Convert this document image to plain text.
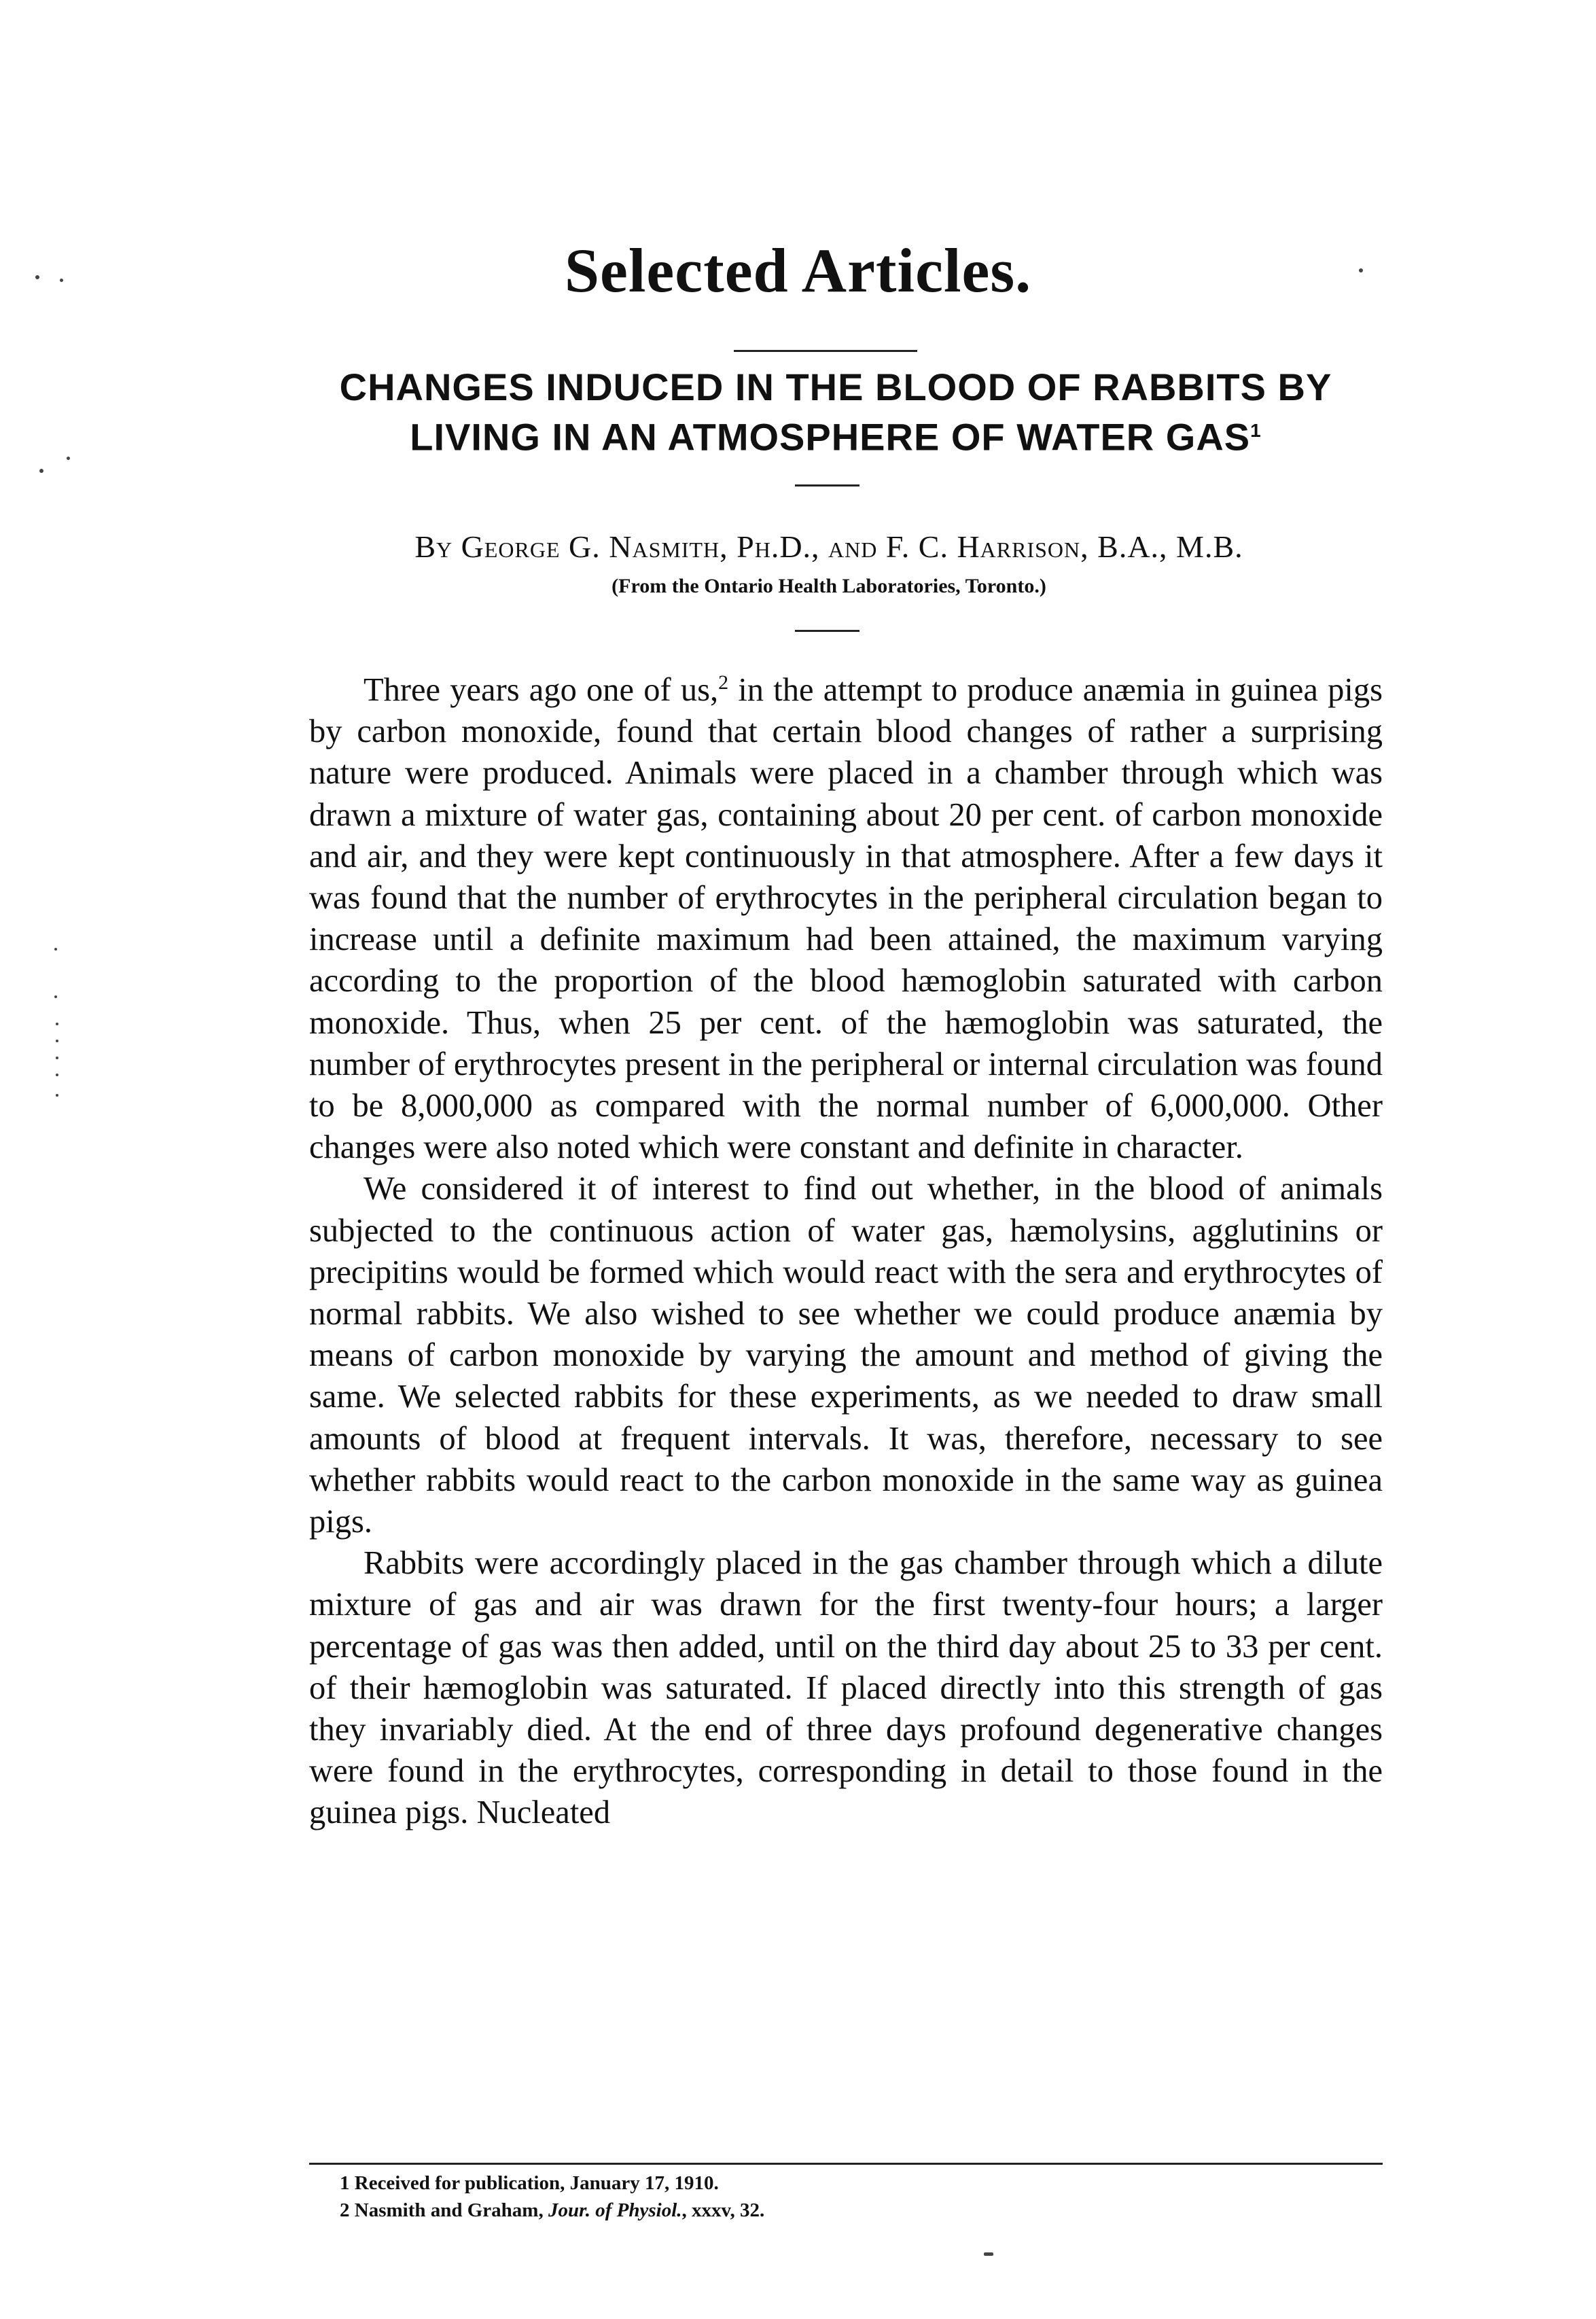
Selected Articles.
CHANGES INDUCED IN THE BLOOD OF RABBITS BY LIVING IN AN ATMOSPHERE OF WATER GAS$^1$
By George G. Nasmith, Ph.D., and F. C. Harrison, B.A., M.B.
(From the Ontario Health Laboratories, Toronto.)

Three years ago one of us,$^2$ in the attempt to produce anæmia in guinea pigs by carbon monoxide, found that certain blood changes of rather a surprising nature were produced. Animals were placed in a chamber through which was drawn a mixture of water gas, containing about 20 per cent. of carbon monoxide and air, and they were kept continuously in that atmosphere. After a few days it was found that the number of erythrocytes in the peripheral circulation began to increase until a definite maximum had been attained, the maximum varying according to the proportion of the blood hæmoglobin saturated with carbon monoxide. Thus, when 25 per cent. of the hæmoglobin was saturated, the number of erythrocytes present in the peripheral or internal circulation was found to be 8,000,000 as compared with the normal number of 6,000,000. Other changes were also noted which were constant and definite in character.

We considered it of interest to find out whether, in the blood of animals subjected to the continuous action of water gas, hæmolysins, agglutinins or precipitins would be formed which would react with the sera and erythrocytes of normal rabbits. We also wished to see whether we could produce anæmia by means of carbon monoxide by varying the amount and method of giving the same. We selected rabbits for these experiments, as we needed to draw small amounts of blood at frequent intervals. It was, therefore, necessary to see whether rabbits would react to the carbon monoxide in the same way as guinea pigs.

Rabbits were accordingly placed in the gas chamber through which a dilute mixture of gas and air was drawn for the first twenty-four hours; a larger percentage of gas was then added, until on the third day about 25 to 33 per cent. of their hæmoglobin was saturated. If placed directly into this strength of gas they invariably died. At the end of three days profound degenerative changes were found in the erythrocytes, corresponding in detail to those found in the guinea pigs. Nucleated

1 Received for publication, January 17, 1910.
2 Nasmith and Graham, Jour. of Physiol., xxxv, 32.
